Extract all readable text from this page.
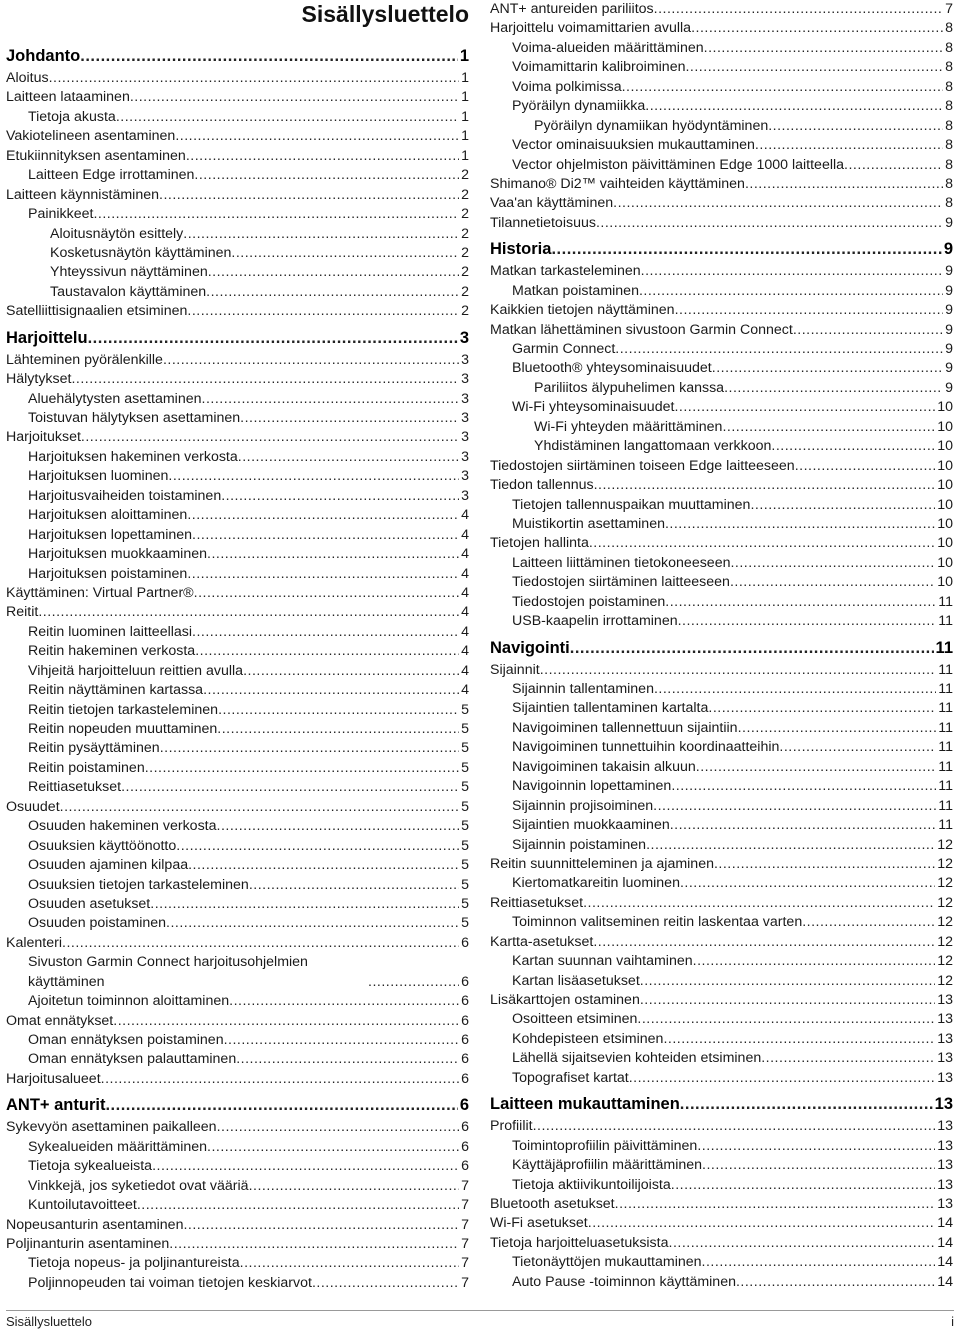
Sisällysluettelo
Johdanto .....	1
Aloitus .....	1
Laitteen lataaminen .....	1
Tietoja akusta .....	1
Vakiotelineen asentaminen .....	1
Etukiinnityksen asentaminen .....	1
Laitteen Edge irrottaminen .....	2
Laitteen käynnistäminen .....	2
Painikkeet .....	2
Aloitusnäytön esittely .....	2
Kosketusnäytön käyttäminen .....	2
Yhteyssivun näyttäminen .....	2
Taustavalon käyttäminen .....	2
Satelliittisignaalien etsiminen .....	2
Harjoittelu .....	3
Lähteminen pyörälenkille .....	3
Hälytykset .....	3
Aluehälytysten asettaminen .....	3
Toistuvan hälytyksen asettaminen .....	3
Harjoitukset .....	3
Harjoituksen hakeminen verkosta .....	3
Harjoituksen luominen .....	3
Harjoitusvaiheiden toistaminen .....	3
Harjoituksen aloittaminen .....	4
Harjoituksen lopettaminen .....	4
Harjoituksen muokkaaminen .....	4
Harjoituksen poistaminen .....	4
Käyttäminen: Virtual Partner® .....	4
Reitit .....	4
Reitin luominen laitteellasi .....	4
Reitin hakeminen verkosta .....	4
Vihjeitä harjoitteluun reittien avulla .....	4
Reitin näyttäminen kartassa .....	4
Reitin tietojen tarkasteleminen .....	5
Reitin nopeuden muuttaminen .....	5
Reitin pysäyttäminen .....	5
Reitin poistaminen .....	5
Reittiasetukset .....	5
Osuudet .....	5
Osuuden hakeminen verkosta .....	5
Osuuksien käyttöönotto .....	5
Osuuden ajaminen kilpaa .....	5
Osuuksien tietojen tarkasteleminen .....	5
Osuuden asetukset .....	5
Osuuden poistaminen .....	5
Kalenteri .....	6
Sivuston Garmin Connect harjoitusohjelmien
käyttäminen .....	6
Ajoitetun toiminnon aloittaminen .....	6
Omat ennätykset .....	6
Oman ennätyksen poistaminen .....	6
Oman ennätyksen palauttaminen .....	6
Harjoitusalueet .....	6
ANT+ anturit .....	6
Sykevyön asettaminen paikalleen .....	6
Sykealueiden määrittäminen .....	6
Tietoja sykealueista .....	6
Vinkkejä, jos syketiedot ovat vääriä .....	7
Kuntoilutavoitteet .....	7
Nopeusanturin asentaminen .....	7
Poljinanturin asentaminen .....	7
Tietoja nopeus- ja poljinantureista .....	7
Poljinnopeuden tai voiman tietojen keskiarvot .....	7
ANT+ antureiden pariliitos .....	7
Harjoittelu voimamittarien avulla .....	8
Voima-alueiden määrittäminen .....	8
Voimamittarin kalibroiminen .....	8
Voima polkimissa .....	8
Pyöräilyn dynamiikka .....	8
Pyöräilyn dynamiikan hyödyntäminen .....	8
Vector ominaisuuksien mukauttaminen .....	8
Vector ohjelmiston päivittäminen Edge 1000 laitteella .....	8
Shimano® Di2™ vaihteiden käyttäminen .....	8
Vaa'an käyttäminen .....	8
Tilannetietoisuus .....	9
Historia .....	9
Matkan tarkasteleminen .....	9
Matkan poistaminen .....	9
Kaikkien tietojen näyttäminen .....	9
Matkan lähettäminen sivustoon Garmin Connect .....	9
Garmin Connect .....	9
Bluetooth® yhteysominaisuudet .....	9
Pariliitos älypuhelimen kanssa .....	9
Wi‑Fi yhteysominaisuudet .....	10
Wi‑Fi yhteyden määrittäminen .....	10
Yhdistäminen langattomaan verkkoon .....	10
Tiedostojen siirtäminen toiseen Edge laitteeseen .....	10
Tiedon tallennus .....	10
Tietojen tallennuspaikan muuttaminen .....	10
Muistikortin asettaminen .....	10
Tietojen hallinta .....	10
Laitteen liittäminen tietokoneeseen .....	10
Tiedostojen siirtäminen laitteeseen .....	10
Tiedostojen poistaminen .....	11
USB-kaapelin irrottaminen .....	11
Navigointi .....	11
Sijainnit .....	11
Sijainnin tallentaminen .....	11
Sijaintien tallentaminen kartalta .....	11
Navigoiminen tallennettuun sijaintiin .....	11
Navigoiminen tunnettuihin koordinaatteihin .....	11
Navigoiminen takaisin alkuun .....	11
Navigoinnin lopettaminen .....	11
Sijainnin projisoiminen .....	11
Sijaintien muokkaaminen .....	11
Sijainnin poistaminen .....	12
Reitin suunnitteleminen ja ajaminen .....	12
Kiertomatkareitin luominen .....	12
Reittiasetukset .....	12
Toiminnon valitseminen reitin laskentaa varten .....	12
Kartta-asetukset .....	12
Kartan suunnan vaihtaminen .....	12
Kartan lisäasetukset .....	12
Lisäkarttojen ostaminen .....	13
Osoitteen etsiminen .....	13
Kohdepisteen etsiminen .....	13
Lähellä sijaitsevien kohteiden etsiminen .....	13
Topografiset kartat .....	13
Laitteen mukauttaminen .....	13
Profiilit .....	13
Toimintoprofiilin päivittäminen .....	13
Käyttäjäprofiilin määrittäminen .....	13
Tietoja aktiivikuntoilijoista .....	13
Bluetooth asetukset .....	13
Wi‑Fi asetukset .....	14
Tietoja harjoitteluasetuksista .....	14
Tietonäyttöjen mukauttaminen .....	14
Auto Pause -toiminnon käyttäminen .....	14
Sisällysluettelo	i
